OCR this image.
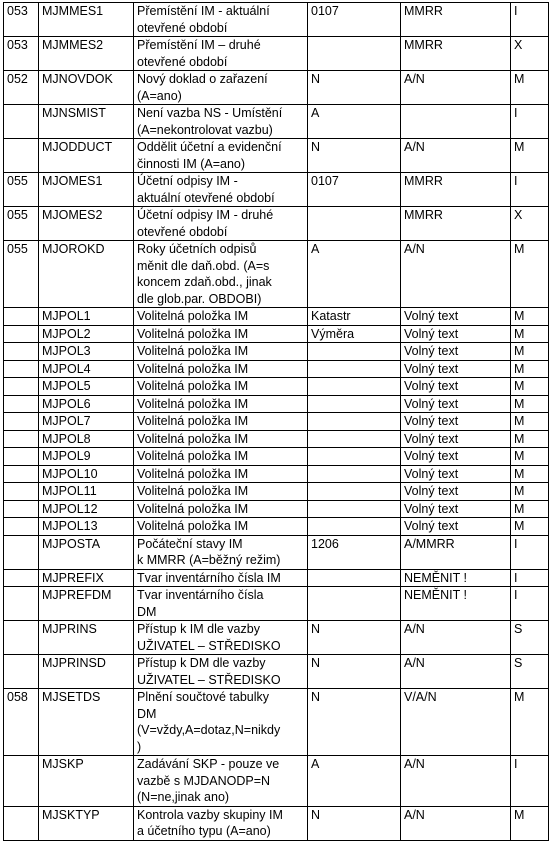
053	MJMMES1	Přemístění IM - aktuální
otevřené období	0107	MMRR	I
053	MJMMES2	Přemístění IM – druhé
otevřené období		MMRR	X
052	MJNOVDOK	Nový doklad o zařazení
(A=ano)	N	A/N	M
	MJNSMIST	Není vazba NS - Umístění
(A=nekontrolovat vazbu)	A		I
	MJODDUCT	Oddělit účetní a evidenční
činnosti IM (A=ano)	N	A/N	M
055	MJOMES1	Účetní odpisy IM -
aktuální otevřené období	0107	MMRR	I
055	MJOMES2	Účetní odpisy IM - druhé
otevřené období		MMRR	X
055	MJOROKD	Roky účetních odpisů
měnit dle daň.obd. (A=s
koncem zdaň.obd., jinak
dle glob.par. OBDOBI)	A	A/N	M
	MJPOL1	Volitelná položka IM	Katastr	Volný text	M
	MJPOL2	Volitelná položka IM	Výměra	Volný text	M
	MJPOL3	Volitelná položka IM		Volný text	M
	MJPOL4	Volitelná položka IM		Volný text	M
	MJPOL5	Volitelná položka IM		Volný text	M
	MJPOL6	Volitelná položka IM		Volný text	M
	MJPOL7	Volitelná položka IM		Volný text	M
	MJPOL8	Volitelná položka IM		Volný text	M
	MJPOL9	Volitelná položka IM		Volný text	M
	MJPOL10	Volitelná položka IM		Volný text	M
	MJPOL11	Volitelná položka IM		Volný text	M
	MJPOL12	Volitelná položka IM		Volný text	M
	MJPOL13	Volitelná položka IM		Volný text	M
	MJPOSTA	Počáteční stavy IM
k MMRR (A=běžný režim)	1206	A/MMRR	I
	MJPREFIX	Tvar inventárního čísla IM		NEMĚNIT !	I
	MJPREFDM	Tvar inventárního čísla
DM		NEMĚNIT !	I
	MJPRINS	Přístup k IM dle vazby
UŽIVATEL – STŘEDISKO	N	A/N	S
	MJPRINSD	Přístup k DM dle vazby
UŽIVATEL – STŘEDISKO	N	A/N	S
058	MJSETDS	Plnění součtové tabulky
DM
(V=vždy,A=dotaz,N=nikdy
)	N	V/A/N	M
	MJSKP	Zadávání SKP - pouze ve
vazbě s MJDANODP=N
(N=ne,jinak ano)	A	A/N	I
	MJSKTYP	Kontrola vazby skupiny IM
a účetního typu (A=ano)	N	A/N	M
